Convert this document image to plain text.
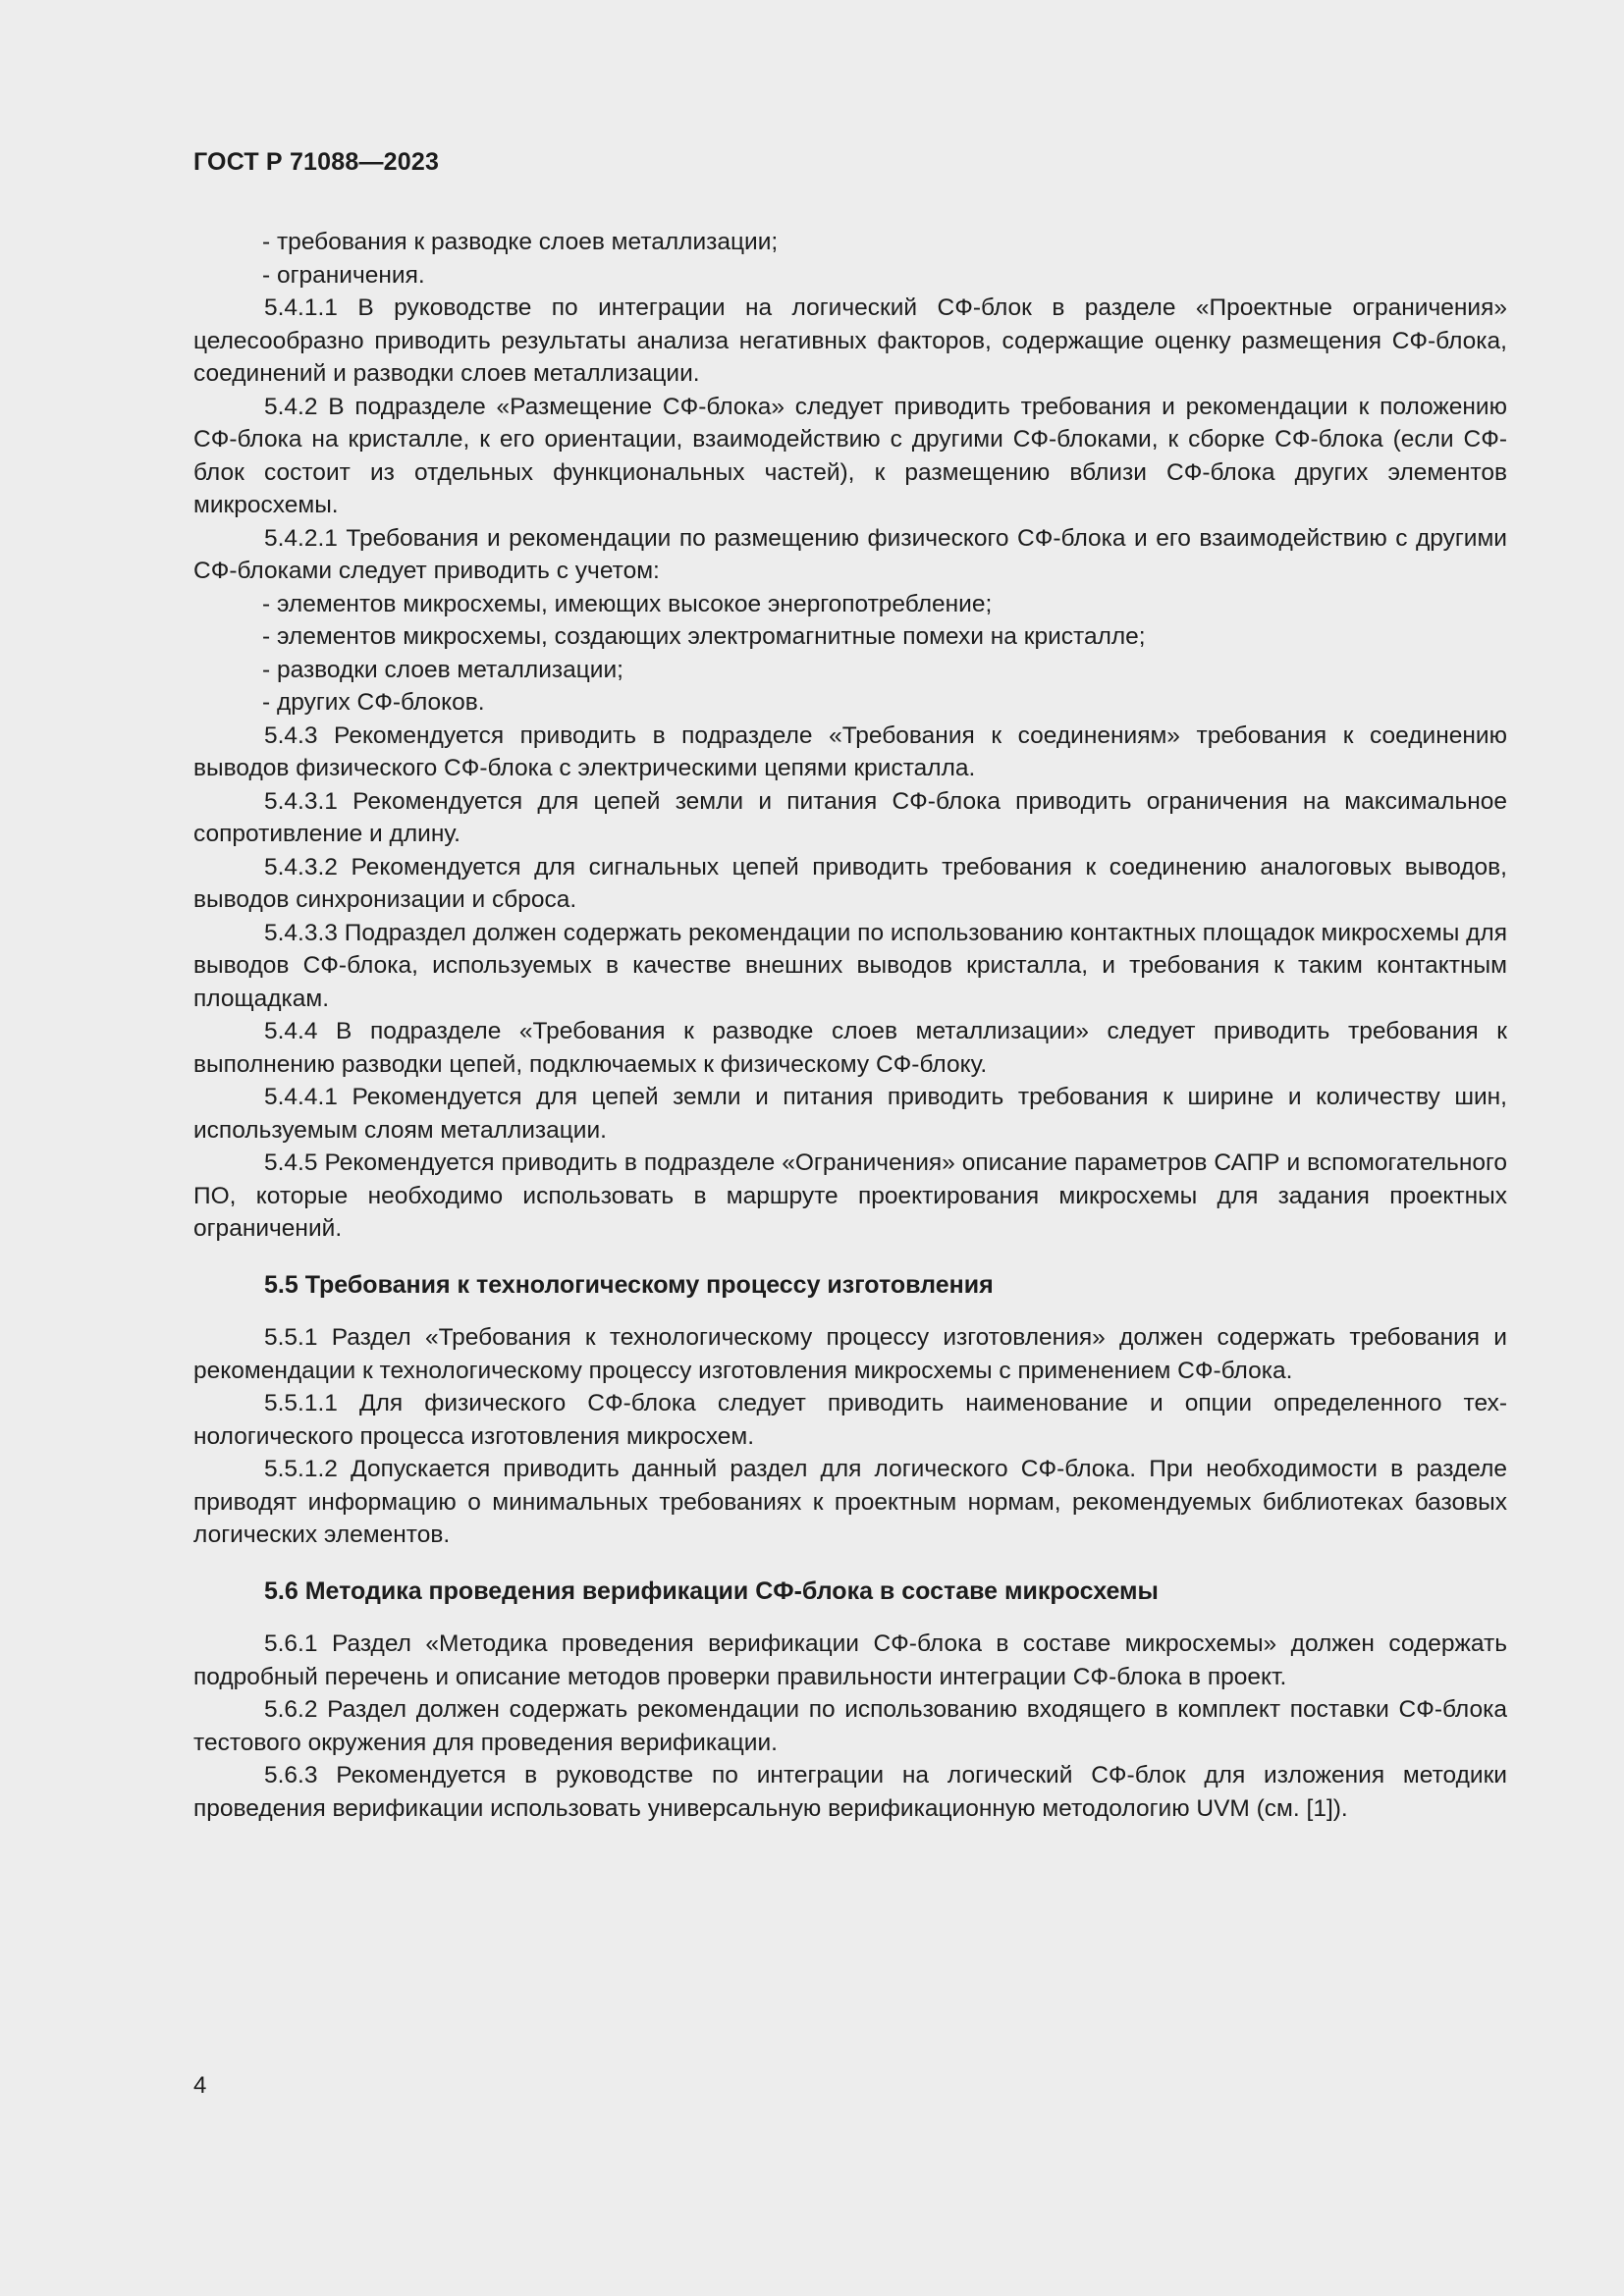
ГОСТ Р 71088—2023

- требования к разводке слоев металлизации;

- ограничения.

5.4.1.1 В руководстве по интеграции на логический СФ-блок в разделе «Проектные ограничения» целесообразно приводить результаты анализа негативных факторов, содержащие оценку размещения СФ-блока, соединений и разводки слоев металлизации.

5.4.2 В подразделе «Размещение СФ-блока» следует приводить требования и рекомендации к положению СФ-блока на кристалле, к его ориентации, взаимодействию с другими СФ-блоками, к сборке СФ-блока (если СФ-блок состоит из отдельных функциональных частей), к размещению вблизи СФ-блока других элементов микросхемы.

5.4.2.1 Требования и рекомендации по размещению физического СФ-блока и его взаимодействию с другими СФ-блоками следует приводить с учетом:

- элементов микросхемы, имеющих высокое энергопотребление;

- элементов микросхемы, создающих электромагнитные помехи на кристалле;

- разводки слоев металлизации;

- других СФ-блоков.

5.4.3 Рекомендуется приводить в подразделе «Требования к соединениям» требования к соединению выводов физического СФ-блока с электрическими цепями кристалла.

5.4.3.1 Рекомендуется для цепей земли и питания СФ-блока приводить ограничения на максимальное сопротивление и длину.

5.4.3.2 Рекомендуется для сигнальных цепей приводить требования к соединению аналоговых выводов, выводов синхронизации и сброса.

5.4.3.3 Подраздел должен содержать рекомендации по использованию контактных площадок микросхемы для выводов СФ-блока, используемых в качестве внешних выводов кристалла, и требования к таким контактным площадкам.

5.4.4 В подразделе «Требования к разводке слоев металлизации» следует приводить требования к выполнению разводки цепей, подключаемых к физическому СФ-блоку.

5.4.4.1 Рекомендуется для цепей земли и питания приводить требования к ширине и количеству шин, используемым слоям металлизации.

5.4.5 Рекомендуется приводить в подразделе «Ограничения» описание параметров САПР и вспомогательного ПО, которые необходимо использовать в маршруте проектирования микросхемы для задания проектных ограничений.

5.5 Требования к технологическому процессу изготовления

5.5.1 Раздел «Требования к технологическому процессу изготовления» должен содержать требования и рекомендации к технологическому процессу изготовления микросхемы с применением СФ-блока.

5.5.1.1 Для физического СФ-блока следует приводить наименование и опции определенного технологического процесса изготовления микросхем.

5.5.1.2 Допускается приводить данный раздел для логического СФ-блока. При необходимости в разделе приводят информацию о минимальных требованиях к проектным нормам, рекомендуемых библиотеках базовых логических элементов.

5.6 Методика проведения верификации СФ-блока в составе микросхемы

5.6.1 Раздел «Методика проведения верификации СФ-блока в составе микросхемы» должен содержать подробный перечень и описание методов проверки правильности интеграции СФ-блока в проект.

5.6.2 Раздел должен содержать рекомендации по использованию входящего в комплект поставки СФ-блока тестового окружения для проведения верификации.

5.6.3 Рекомендуется в руководстве по интеграции на логический СФ-блок для изложения методики проведения верификации использовать универсальную верификационную методологию UVM (см. [1]).

4
